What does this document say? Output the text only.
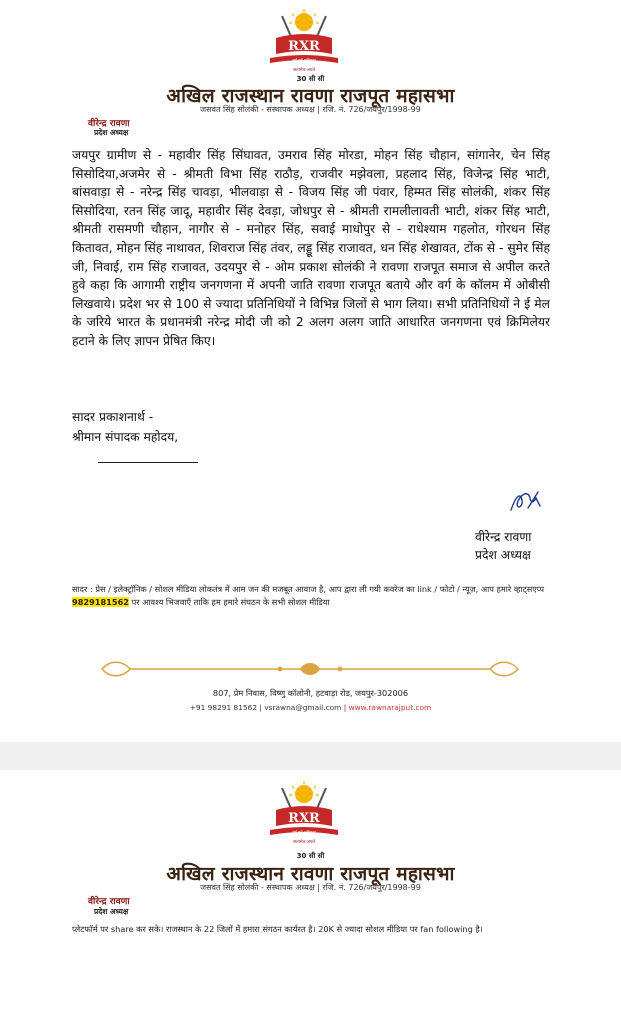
RXR
गर्व हमें क्षत्रियता
सत्यमेव जयते
30 सी सी
अखिल राजस्थान रावणा राजपूत महासभा
जसवंत सिंह सोलंकी - संस्थापक अध्यक्ष | रजि. नं. 726/जयपुर/1998-99
वीरेन्द्र रावणा
प्रदेश अध्यक्ष
जयपुर ग्रामीण से - महावीर सिंह सिंघावत, उमराव सिंह मोरडा, मोहन सिंह चौहान, सांगानेर, चेन सिंह सिसोदिया,अजमेर से - श्रीमती विभा सिंह राठौड़, राजवीर मझेवला, प्रहलाद सिंह, विजेन्द्र सिंह भाटी, बांसवाड़ा से - नरेन्द्र सिंह चावड़ा, भीलवाड़ा से - विजय सिंह जी पंवार, हिम्मत सिंह सोलंकी, शंकर सिंह सिसोदिया, रतन सिंह जादू, महावीर सिंह देवड़ा, जोधपुर से - श्रीमती रामलीलावती भाटी, शंकर सिंह भाटी, श्रीमती रासमणी चौहान, नागौर से - मनोहर सिंह, सवाई माधोपुर से - राधेश्याम गहलोत, गोरधन सिंह कितावत, मोहन सिंह नाथावत, शिवराज सिंह तंवर, लड्डू सिंह राजावत, धन सिंह शेखावत, टोंक से - सुमेर सिंह जी, निवाई, राम सिंह राजावत, उदयपुर से - ओम प्रकाश सोलंकी ने रावणा राजपूत समाज से अपील करते हुवे कहा कि आगामी राष्ट्रीय जनगणना में अपनी जाति रावणा राजपूत बताये और वर्ग के कॉलम में ओबीसी लिखवाये। प्रदेश भर से 100 से ज्यादा प्रतिनिधियों ने विभिन्न जिलों से भाग लिया। सभी प्रतिनिधियों ने ई मेल के जरिये भारत के प्रधानमंत्री नरेन्द्र मोदी जी को 2 अलग अलग जाति आधारित जनगणना एवं क्रिमिलेयर हटाने के लिए ज्ञापन प्रेषित किए।
सादर प्रकाशनार्थ -
श्रीमान संपादक महोदय,
वीरेन्द्र रावणा
प्रदेश अध्यक्ष
सादर : प्रेस / इलेक्ट्रॉनिक / सोशल मीडिया लोकतंत्र में आम जन की मजबूत आवाज है, आप द्वारा ली गयी कवरेज का link / फोटो / न्यूज़, आप हमारे व्हाट्सएप्प 9829181562 पर आवश्य भिजवाएँ ताकि हम हमारे संघठन के सभी सोशल मीडिया
807, प्रेम निवास, विष्णु कॉलोनी, हटवाड़ा रोड, जयपुर-302006
+91 98291 81562 | vsrawna@gmail.com | www.rawnarajput.com
RXR
गर्व हमें क्षत्रियता
सत्यमेव जयते
30 सी सी
अखिल राजस्थान रावणा राजपूत महासभा
जसवंत सिंह सोलंकी - संस्थापक अध्यक्ष | रजि. नं. 726/जयपुर/1998-99
वीरेन्द्र रावणा
प्रदेश अध्यक्ष
प्लेटफॉर्म पर share कर सके। राजस्थान के 22 जिलों में हमारा संगठन कार्यरत है। 20K से ज्यादा सोशल मीडिया पर fan following है।
